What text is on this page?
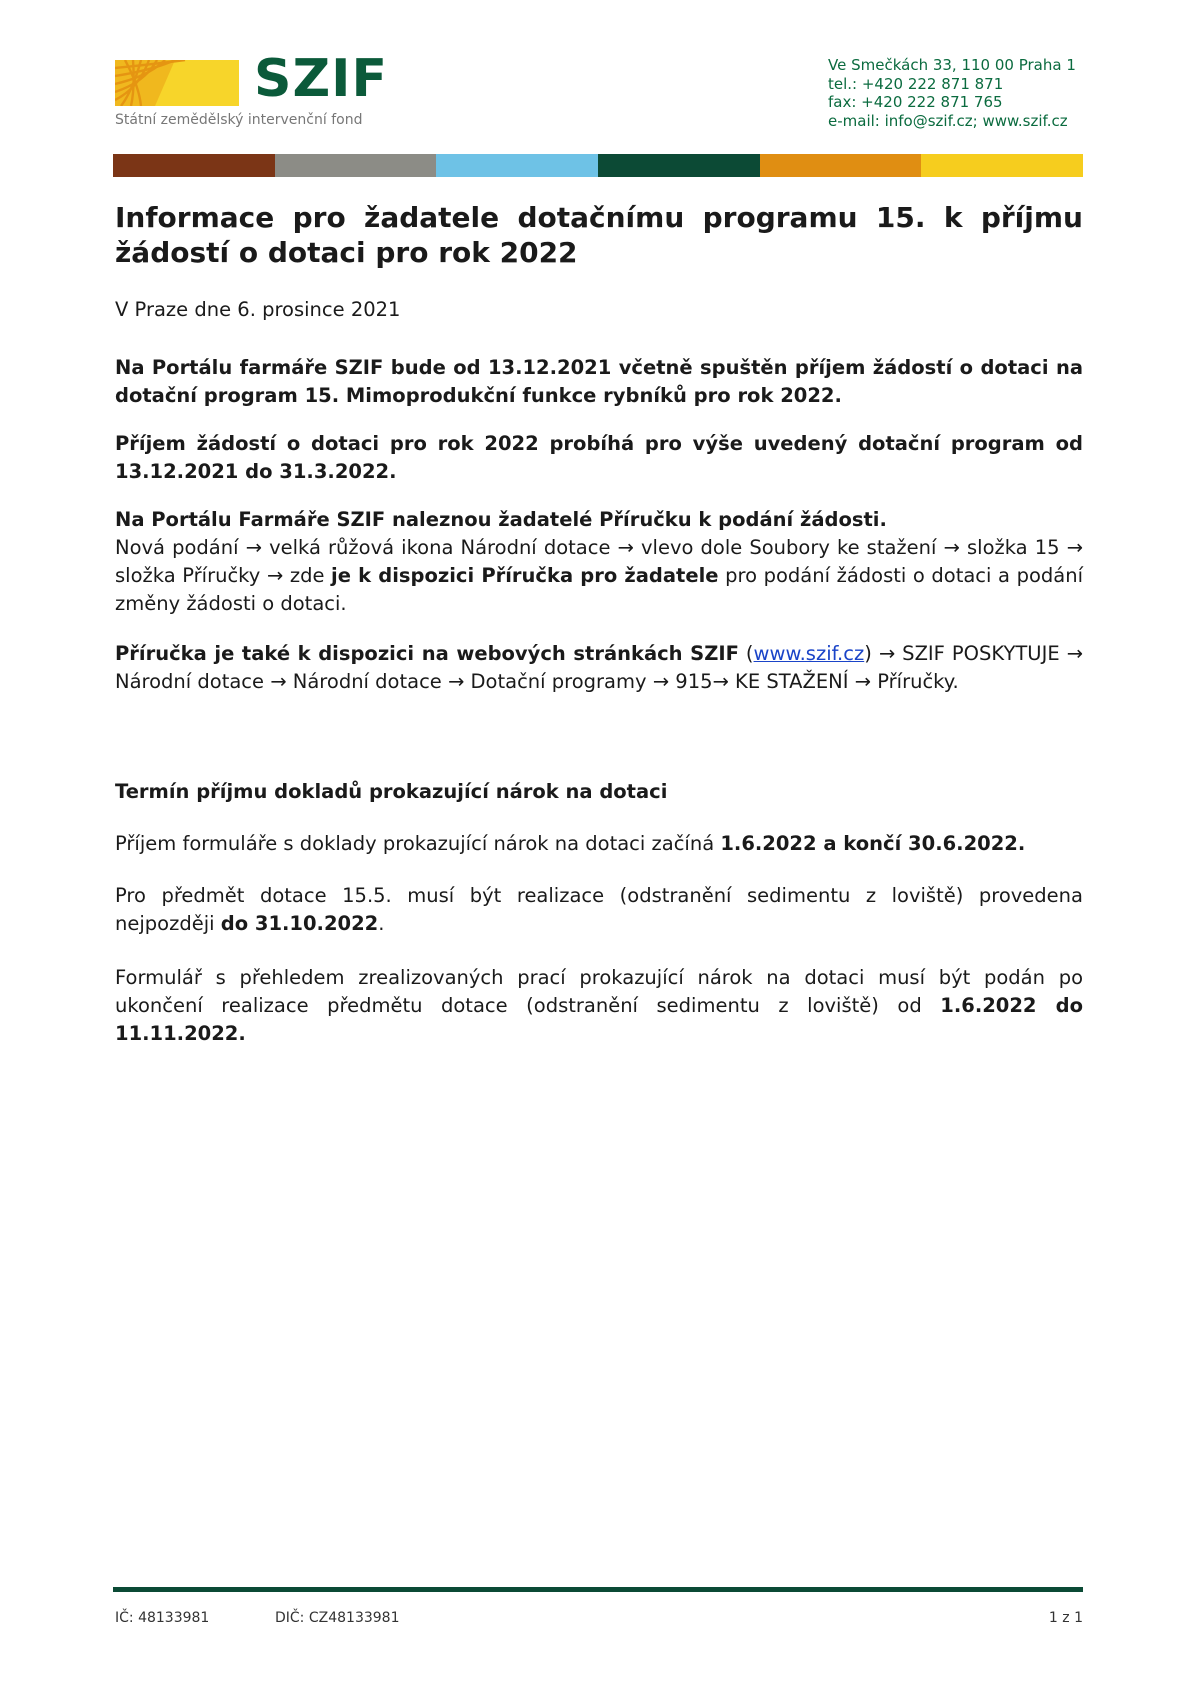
SZIF
Státní zemědělský intervenční fond
Ve Smečkách 33, 110 00 Praha 1
tel.: +420 222 871 871
fax: +420 222 871 765
e-mail: info@szif.cz; www.szif.cz
Informace pro žadatele dotačnímu programu 15. k příjmu žádostí o dotaci pro rok 2022
V Praze dne 6. prosince 2021

Na Portálu farmáře SZIF bude od 13.12.2021 včetně spuštěn příjem žádostí o dotaci na dotační program 15. Mimoprodukční funkce rybníků pro rok 2022.

Příjem žádostí o dotaci pro rok 2022 probíhá pro výše uvedený dotační program od 13.12.2021 do 31.3.2022.

Na Portálu Farmáře SZIF naleznou žadatelé Příručku k podání žádosti.

Nová podání → velká růžová ikona Národní dotace → vlevo dole Soubory ke stažení → složka 15 → složka Příručky → zde je k dispozici Příručka pro žadatele pro podání žádosti o dotaci a podání změny žádosti o dotaci.

Příručka je také k dispozici na webových stránkách SZIF (www.szif.cz) → SZIF POSKYTUJE → Národní dotace → Národní dotace → Dotační programy → 915→ KE STAŽENÍ → Příručky.

Termín příjmu dokladů prokazující nárok na dotaci

Příjem formuláře s doklady prokazující nárok na dotaci začíná 1.6.2022 a končí 30.6.2022.

Pro předmět dotace 15.5. musí být realizace (odstranění sedimentu z loviště) provedena nejpozději do 31.10.2022.

Formulář s přehledem zrealizovaných prací prokazující nárok na dotaci musí být podán po ukončení realizace předmětu dotace (odstranění sedimentu z loviště) od 1.6.2022 do 11.11.2022.

IČ: 48133981	DIČ: CZ48133981	1 z 1
